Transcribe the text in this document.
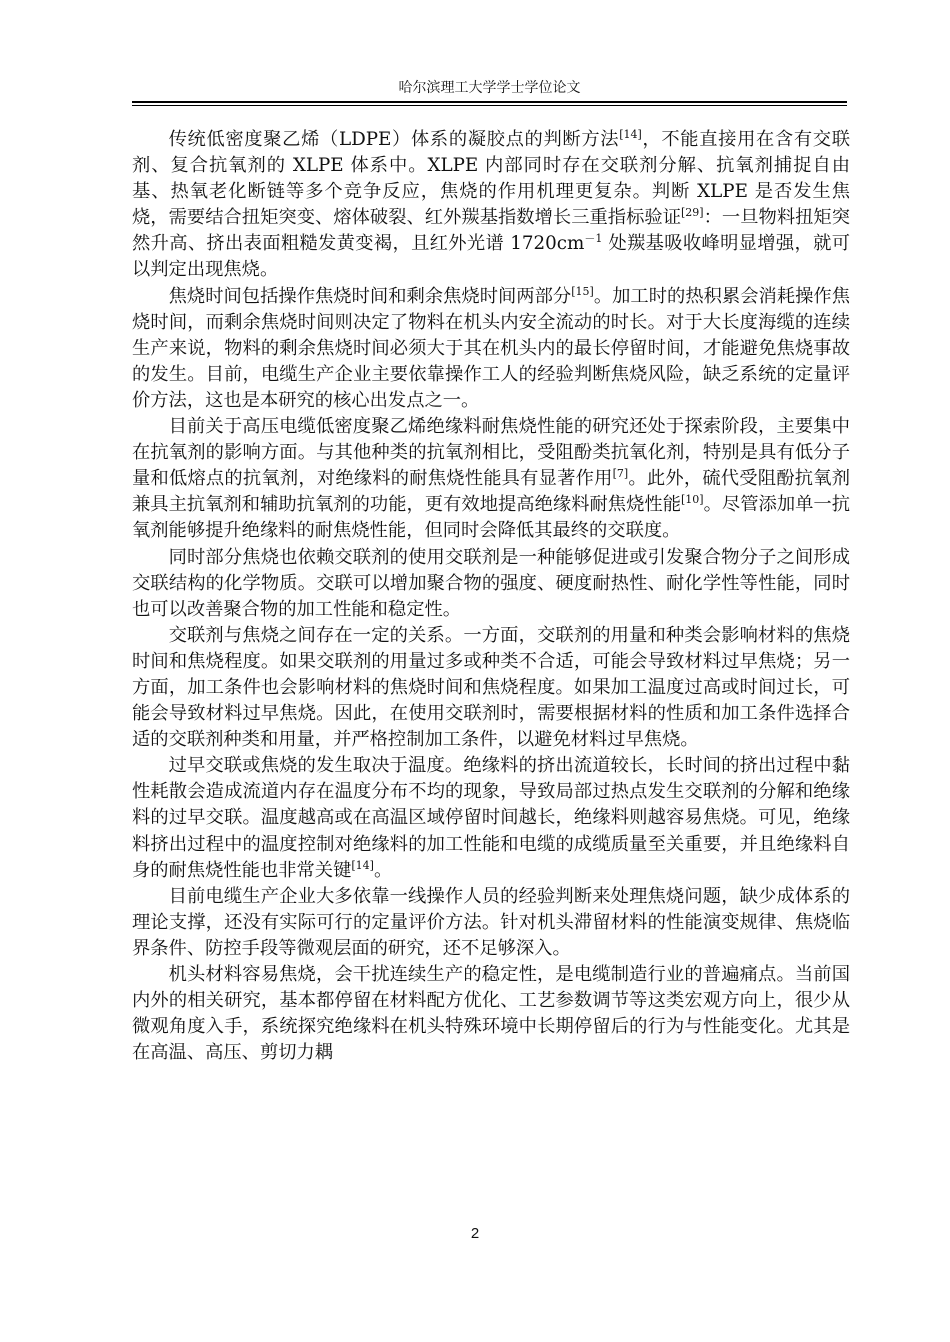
哈尔滨理工大学学士学位论文

传统低密度聚乙烯（LDPE）体系的凝胶点的判断方法[14]，不能直接用在含有交联剂、复合抗氧剂的 XLPE 体系中。XLPE 内部同时存在交联剂分解、抗氧剂捕捉自由基、热氧老化断链等多个竞争反应，焦烧的作用机理更复杂。判断 XLPE 是否发生焦烧，需要结合扭矩突变、熔体破裂、红外羰基指数增长三重指标验证[29]：一旦物料扭矩突然升高、挤出表面粗糙发黄变褐，且红外光谱 $1720cm^{-1}$ 处羰基吸收峰明显增强，就可以判定出现焦烧。

焦烧时间包括操作焦烧时间和剩余焦烧时间两部分[15]。加工时的热积累会消耗操作焦烧时间，而剩余焦烧时间则决定了物料在机头内安全流动的时长。对于大长度海缆的连续生产来说，物料的剩余焦烧时间必须大于其在机头内的最长停留时间，才能避免焦烧事故的发生。目前，电缆生产企业主要依靠操作工人的经验判断焦烧风险，缺乏系统的定量评价方法，这也是本研究的核心出发点之一。

目前关于高压电缆低密度聚乙烯绝缘料耐焦烧性能的研究还处于探索阶段，主要集中在抗氧剂的影响方面。与其他种类的抗氧剂相比，受阻酚类抗氧化剂，特别是具有低分子量和低熔点的抗氧剂，对绝缘料的耐焦烧性能具有显著作用[7]。此外，硫代受阻酚抗氧剂兼具主抗氧剂和辅助抗氧剂的功能，更有效地提高绝缘料耐焦烧性能[10]。尽管添加单一抗氧剂能够提升绝缘料的耐焦烧性能，但同时会降低其最终的交联度。

同时部分焦烧也依赖交联剂的使用交联剂是一种能够促进或引发聚合物分子之间形成交联结构的化学物质。交联可以增加聚合物的强度、硬度耐热性、耐化学性等性能，同时也可以改善聚合物的加工性能和稳定性。

交联剂与焦烧之间存在一定的关系。一方面，交联剂的用量和种类会影响材料的焦烧时间和焦烧程度。如果交联剂的用量过多或种类不合适，可能会导致材料过早焦烧；另一方面，加工条件也会影响材料的焦烧时间和焦烧程度。如果加工温度过高或时间过长，可能会导致材料过早焦烧。因此，在使用交联剂时，需要根据材料的性质和加工条件选择合适的交联剂种类和用量，并严格控制加工条件，以避免材料过早焦烧。

过早交联或焦烧的发生取决于温度。绝缘料的挤出流道较长，长时间的挤出过程中黏性耗散会造成流道内存在温度分布不均的现象，导致局部过热点发生交联剂的分解和绝缘料的过早交联。温度越高或在高温区域停留时间越长，绝缘料则越容易焦烧。可见，绝缘料挤出过程中的温度控制对绝缘料的加工性能和电缆的成缆质量至关重要，并且绝缘料自身的耐焦烧性能也非常关键[14]。

目前电缆生产企业大多依靠一线操作人员的经验判断来处理焦烧问题，缺少成体系的理论支撑，还没有实际可行的定量评价方法。针对机头滞留材料的性能演变规律、焦烧临界条件、防控手段等微观层面的研究，还不足够深入。

机头材料容易焦烧，会干扰连续生产的稳定性，是电缆制造行业的普遍痛点。当前国内外的相关研究，基本都停留在材料配方优化、工艺参数调节等这类宏观方向上，很少从微观角度入手，系统探究绝缘料在机头特殊环境中长期停留后的行为与性能变化。尤其是在高温、高压、剪切力耦

2
